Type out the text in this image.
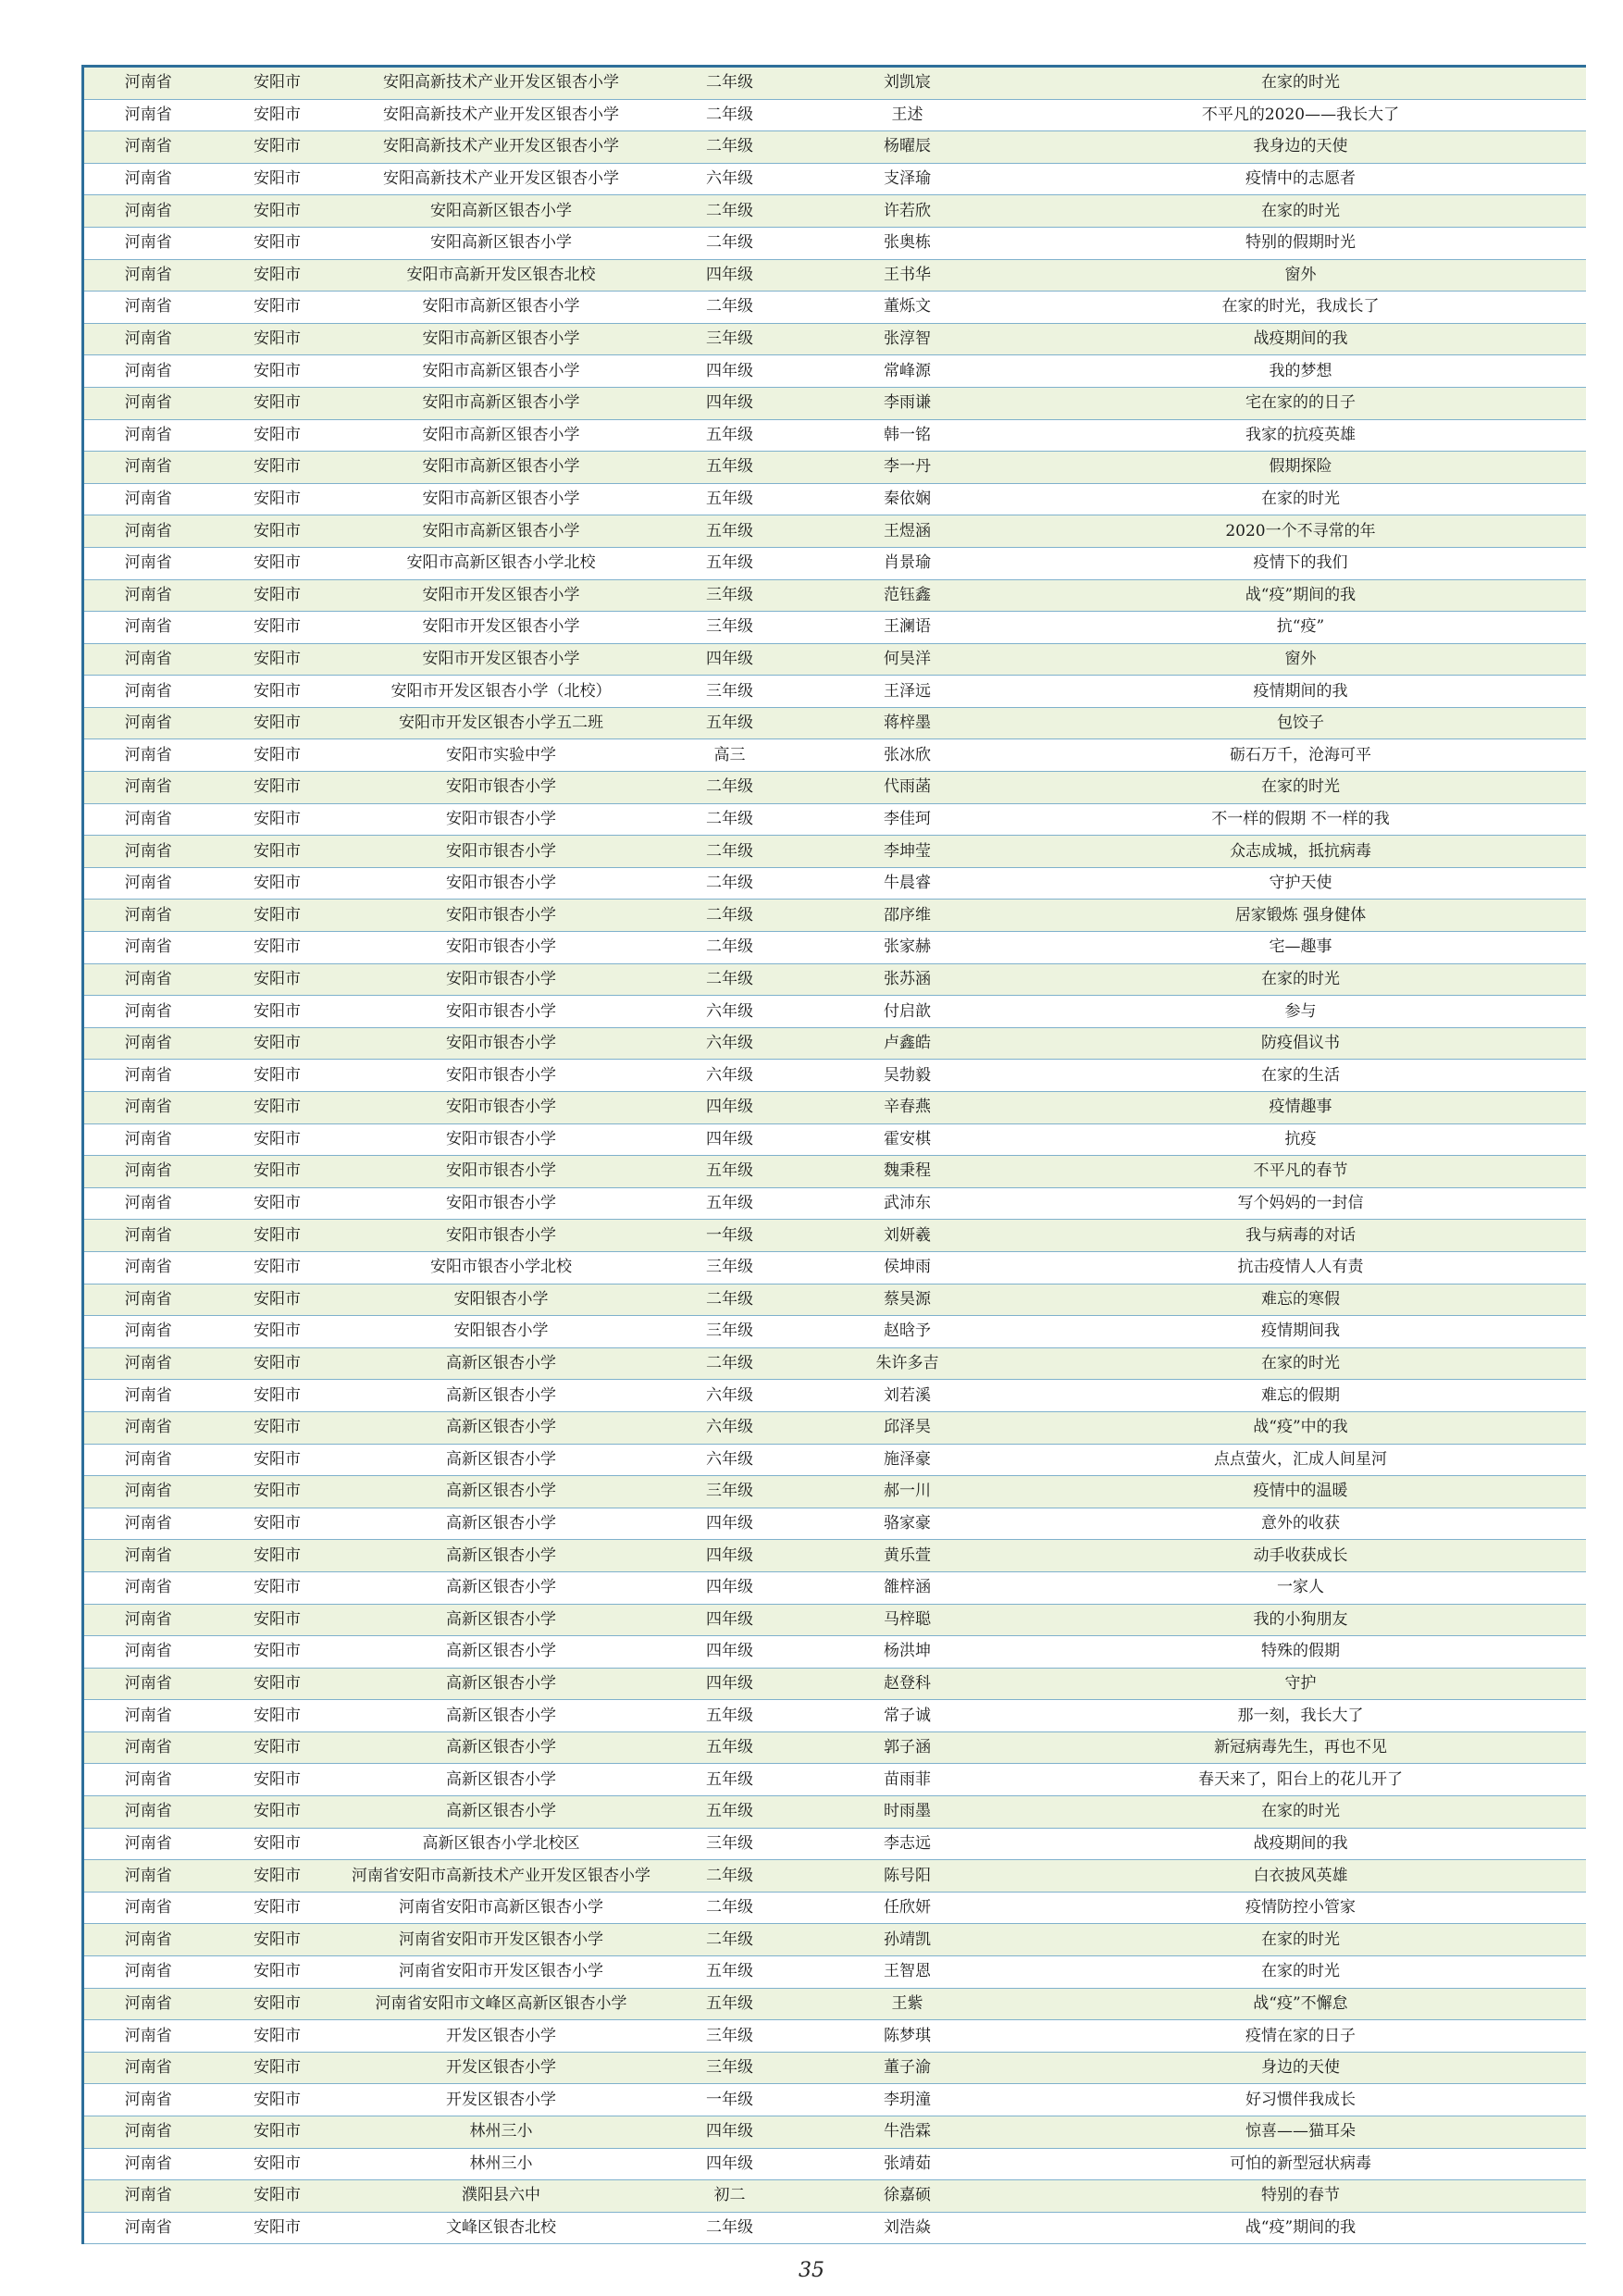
河南省	安阳市	安阳高新技术产业开发区银杏小学	二年级	刘凯宸	在家的时光
河南省	安阳市	安阳高新技术产业开发区银杏小学	二年级	王述	不平凡的2020——我长大了
河南省	安阳市	安阳高新技术产业开发区银杏小学	二年级	杨曜辰	我身边的天使
河南省	安阳市	安阳高新技术产业开发区银杏小学	六年级	支泽瑜	疫情中的志愿者
河南省	安阳市	安阳高新区银杏小学	二年级	许若欣	在家的时光
河南省	安阳市	安阳高新区银杏小学	二年级	张奥栋	特别的假期时光
河南省	安阳市	安阳市高新开发区银杏北校	四年级	王书华	窗外
河南省	安阳市	安阳市高新区银杏小学	二年级	董烁文	在家的时光，我成长了
河南省	安阳市	安阳市高新区银杏小学	三年级	张淳智	战疫期间的我
河南省	安阳市	安阳市高新区银杏小学	四年级	常峰源	我的梦想
河南省	安阳市	安阳市高新区银杏小学	四年级	李雨谦	宅在家的的日子
河南省	安阳市	安阳市高新区银杏小学	五年级	韩一铭	我家的抗疫英雄
河南省	安阳市	安阳市高新区银杏小学	五年级	李一丹	假期探险
河南省	安阳市	安阳市高新区银杏小学	五年级	秦依娴	在家的时光
河南省	安阳市	安阳市高新区银杏小学	五年级	王煜涵	2020一个不寻常的年
河南省	安阳市	安阳市高新区银杏小学北校	五年级	肖景瑜	疫情下的我们
河南省	安阳市	安阳市开发区银杏小学	三年级	范钰鑫	战“疫”期间的我
河南省	安阳市	安阳市开发区银杏小学	三年级	王澜语	抗“疫”
河南省	安阳市	安阳市开发区银杏小学	四年级	何昊洋	窗外
河南省	安阳市	安阳市开发区银杏小学（北校）	三年级	王泽远	疫情期间的我
河南省	安阳市	安阳市开发区银杏小学五二班	五年级	蒋梓墨	包饺子
河南省	安阳市	安阳市实验中学	高三	张冰欣	砺石万千，沧海可平
河南省	安阳市	安阳市银杏小学	二年级	代雨菡	在家的时光
河南省	安阳市	安阳市银杏小学	二年级	李佳珂	不一样的假期 不一样的我
河南省	安阳市	安阳市银杏小学	二年级	李坤莹	众志成城，抵抗病毒
河南省	安阳市	安阳市银杏小学	二年级	牛晨睿	守护天使
河南省	安阳市	安阳市银杏小学	二年级	邵序维	居家锻炼 强身健体
河南省	安阳市	安阳市银杏小学	二年级	张家赫	宅—趣事
河南省	安阳市	安阳市银杏小学	二年级	张苏涵	在家的时光
河南省	安阳市	安阳市银杏小学	六年级	付启歆	参与
河南省	安阳市	安阳市银杏小学	六年级	卢鑫皓	防疫倡议书
河南省	安阳市	安阳市银杏小学	六年级	吴勃毅	在家的生活
河南省	安阳市	安阳市银杏小学	四年级	辛春燕	疫情趣事
河南省	安阳市	安阳市银杏小学	四年级	霍安棋	抗疫
河南省	安阳市	安阳市银杏小学	五年级	魏秉程	不平凡的春节
河南省	安阳市	安阳市银杏小学	五年级	武沛东	写个妈妈的一封信
河南省	安阳市	安阳市银杏小学	一年级	刘妍羲	我与病毒的对话
河南省	安阳市	安阳市银杏小学北校	三年级	侯坤雨	抗击疫情人人有责
河南省	安阳市	安阳银杏小学	二年级	蔡昊源	难忘的寒假
河南省	安阳市	安阳银杏小学	三年级	赵晗予	疫情期间我
河南省	安阳市	高新区银杏小学	二年级	朱许多吉	在家的时光
河南省	安阳市	高新区银杏小学	六年级	刘若溪	难忘的假期
河南省	安阳市	高新区银杏小学	六年级	邱泽昊	战“疫”中的我
河南省	安阳市	高新区银杏小学	六年级	施泽豪	点点萤火，汇成人间星河
河南省	安阳市	高新区银杏小学	三年级	郝一川	疫情中的温暖
河南省	安阳市	高新区银杏小学	四年级	骆家豪	意外的收获
河南省	安阳市	高新区银杏小学	四年级	黄乐萱	动手收获成长
河南省	安阳市	高新区银杏小学	四年级	雒梓涵	一家人
河南省	安阳市	高新区银杏小学	四年级	马梓聪	我的小狗朋友
河南省	安阳市	高新区银杏小学	四年级	杨洪坤	特殊的假期
河南省	安阳市	高新区银杏小学	四年级	赵登科	守护
河南省	安阳市	高新区银杏小学	五年级	常子诚	那一刻，我长大了
河南省	安阳市	高新区银杏小学	五年级	郭子涵	新冠病毒先生，再也不见
河南省	安阳市	高新区银杏小学	五年级	苗雨菲	春天来了，阳台上的花儿开了
河南省	安阳市	高新区银杏小学	五年级	时雨墨	在家的时光
河南省	安阳市	高新区银杏小学北校区	三年级	李志远	战疫期间的我
河南省	安阳市	河南省安阳市高新技术产业开发区银杏小学	二年级	陈号阳	白衣披风英雄
河南省	安阳市	河南省安阳市高新区银杏小学	二年级	任欣妍	疫情防控小管家
河南省	安阳市	河南省安阳市开发区银杏小学	二年级	孙靖凯	在家的时光
河南省	安阳市	河南省安阳市开发区银杏小学	五年级	王智恩	在家的时光
河南省	安阳市	河南省安阳市文峰区高新区银杏小学	五年级	王紫	战“疫”不懈怠
河南省	安阳市	开发区银杏小学	三年级	陈梦琪	疫情在家的日子
河南省	安阳市	开发区银杏小学	三年级	董子渝	身边的天使
河南省	安阳市	开发区银杏小学	一年级	李玥潼	好习惯伴我成长
河南省	安阳市	林州三小	四年级	牛浩霖	惊喜——猫耳朵
河南省	安阳市	林州三小	四年级	张靖茹	可怕的新型冠状病毒
河南省	安阳市	濮阳县六中	初二	徐嘉硕	特别的春节
河南省	安阳市	文峰区银杏北校	二年级	刘浩焱	战“疫”期间的我
35
